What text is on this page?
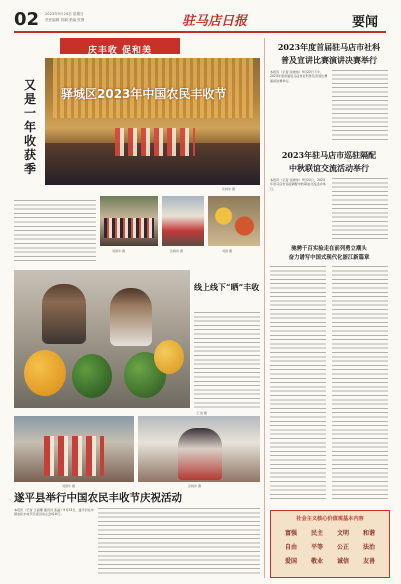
02 2023年9月24日 星期日
责任编辑 刘颖 美编 张静	驻马店日报	要闻
庆丰收 促和美
驿城区2023年中国农民丰收节
张晓伟 摄
又是一年收获季
刘国华 摄	张晓伟 摄	刘国 摄
线上线下“晒”丰收
王 波 摄
刘国华 摄	张晓伟 摄
遂平县举行中国农民丰收节庆祝活动
本报讯（记者 王丽娜 通讯员 张晶）9月23日，遂平县在中国农民丰收节庆祝活动主会场举行。
2023年度首届驻马店市社科
普及宣讲比赛演讲决赛举行
本报讯（记者 张晓伟）9月22日下午，2023年度首届驻马店市社科普及宣讲比赛演讲决赛举行。
2023年驻马店市巡驻隔配
中秋联谊交流活动举行
本报讯（记者 张晓伟）9月22日，2023年驻马店市巡驻隔配中秋联谊交流活动举行。
驰骋千百实验走在前列勇立潮头
奋力谱写中国式现代化浙江新篇章
社会主义核心价值观基本内容
富强 民主 文明 和谐
自由 平等 公正 法治
爱国 敬业 诚信 友善
